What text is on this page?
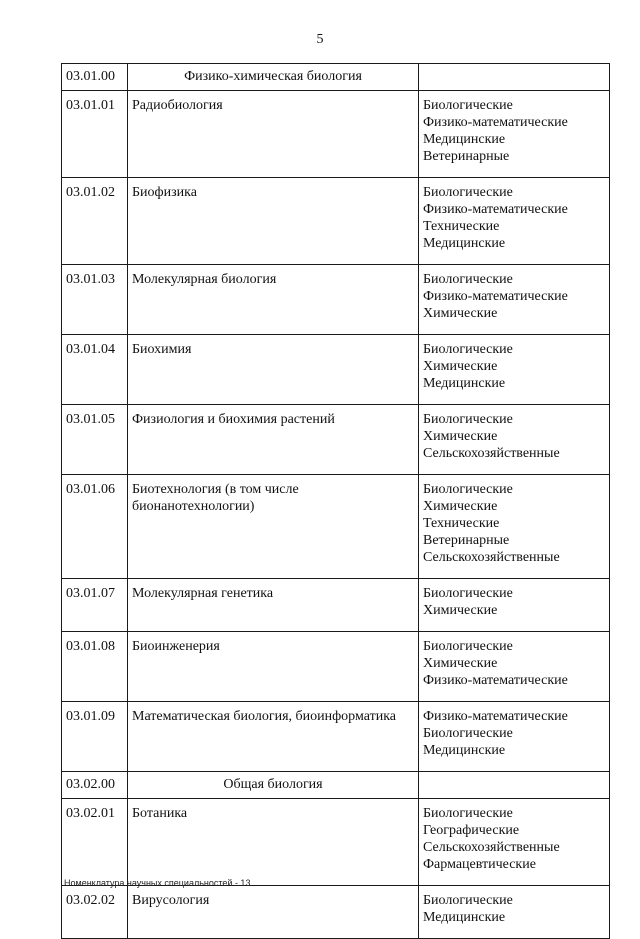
5
03.01.00	Физико-химическая биология	
03.01.01	Радиобиология	Биологические
Физико-математические
Медицинские
Ветеринарные

03.01.02	Биофизика	Биологические
Физико-математические
Технические
Медицинские

03.01.03	Молекулярная биология	Биологические
Физико-математические
Химические

03.01.04	Биохимия	Биологические
Химические
Медицинские

03.01.05	Физиология и биохимия растений	Биологические
Химические
Сельскохозяйственные

03.01.06	Биотехнология (в том числе бионанотехнологии)	Биологические
Химические
Технические
Ветеринарные
Сельскохозяйственные

03.01.07	Молекулярная генетика	Биологические
Химические

03.01.08	Биоинженерия	Биологические
Химические
Физико-математические

03.01.09	Математическая биология, биоинформатика	Физико-математические
Биологические
Медицинские

03.02.00	Общая биология	
03.02.01	Ботаника	Биологические
Географические
Сельскохозяйственные
Фармацевтические

03.02.02	Вирусология	Биологические
Медицинские
Номенклатура научных специальностей - 13
